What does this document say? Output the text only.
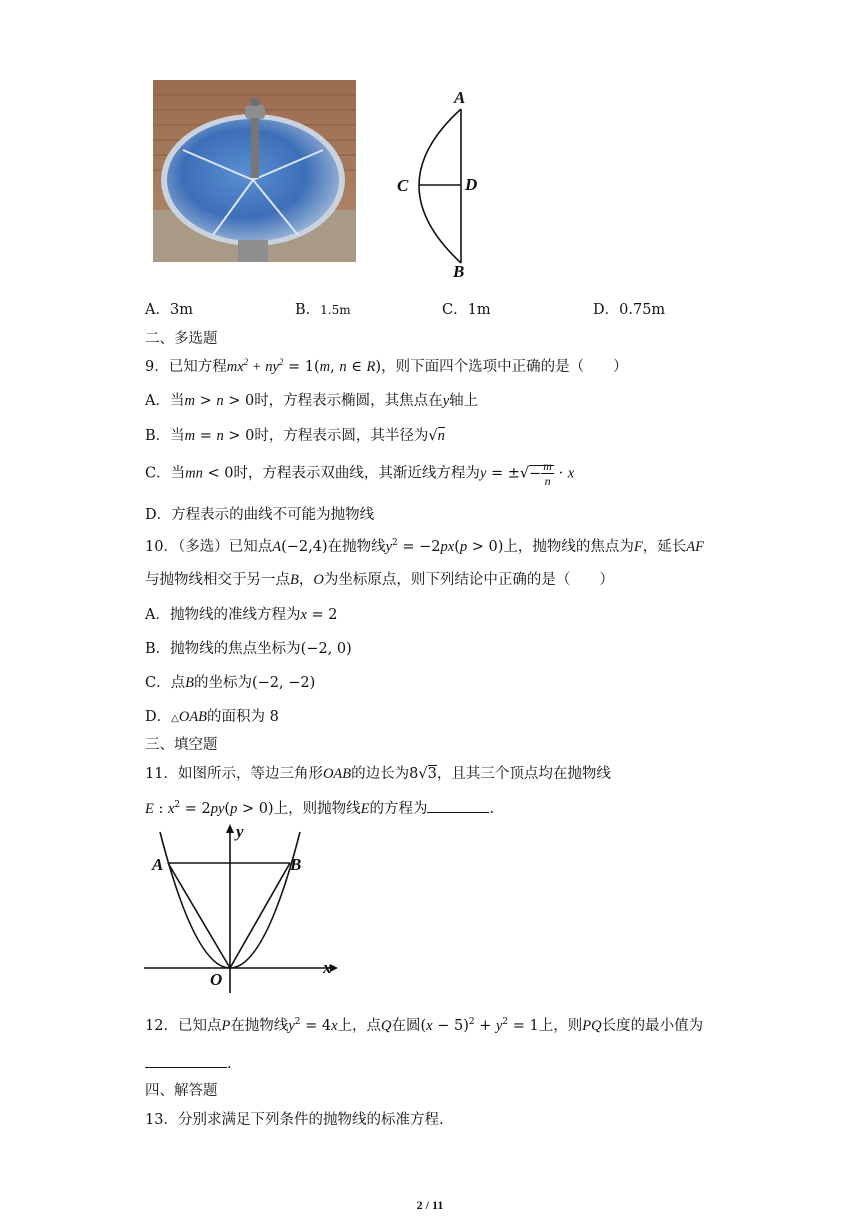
A
C	D
B
A．3m	B．1.5m	C．1m	D．0.75m
二、多选题
9．已知方程$mx^2 + ny^2 = 1(m$, n ∈ R)，则下面四个选项中正确的是（　　）
A．当m > n > 0时，方程表示椭圆，其焦点在y轴上
B．当m = n > 0时，方程表示圆，其半径为√n
C．当mn < 0时，方程表示双曲线，其渐近线方程为y = ±√− $\frac{m}{n} \cdot x$
D．方程表示的曲线不可能为抛物线
10．（多选）已知点A(−2,4)在抛物线$y^2 = -2px(p > 0)$上，抛物线的焦点为F，延长AF
与抛物线相交于另一点B，O为坐标原点，则下列结论中正确的是（　　）
A．抛物线的准线方程为x = 2
B．抛物线的焦点坐标为(−2, 0)
C．点B的坐标为(−2, −2)
D．△OAB的面积为 8
三、填空题
11．如图所示，等边三角形OAB的边长为8√3，且其三个顶点均在抛物线
E : $x^2 = 2py(p > 0)$上，则抛物线E的方程为	.
A	B
O
x
y
12．已知点P在抛物线$y^2 = 4x$上，点Q在圆$(x - 5)^2 + y^2 = 1$上，则PQ长度的最小值为
.
四、解答题
13．分别求满足下列条件的抛物线的标准方程.
2 / 11
